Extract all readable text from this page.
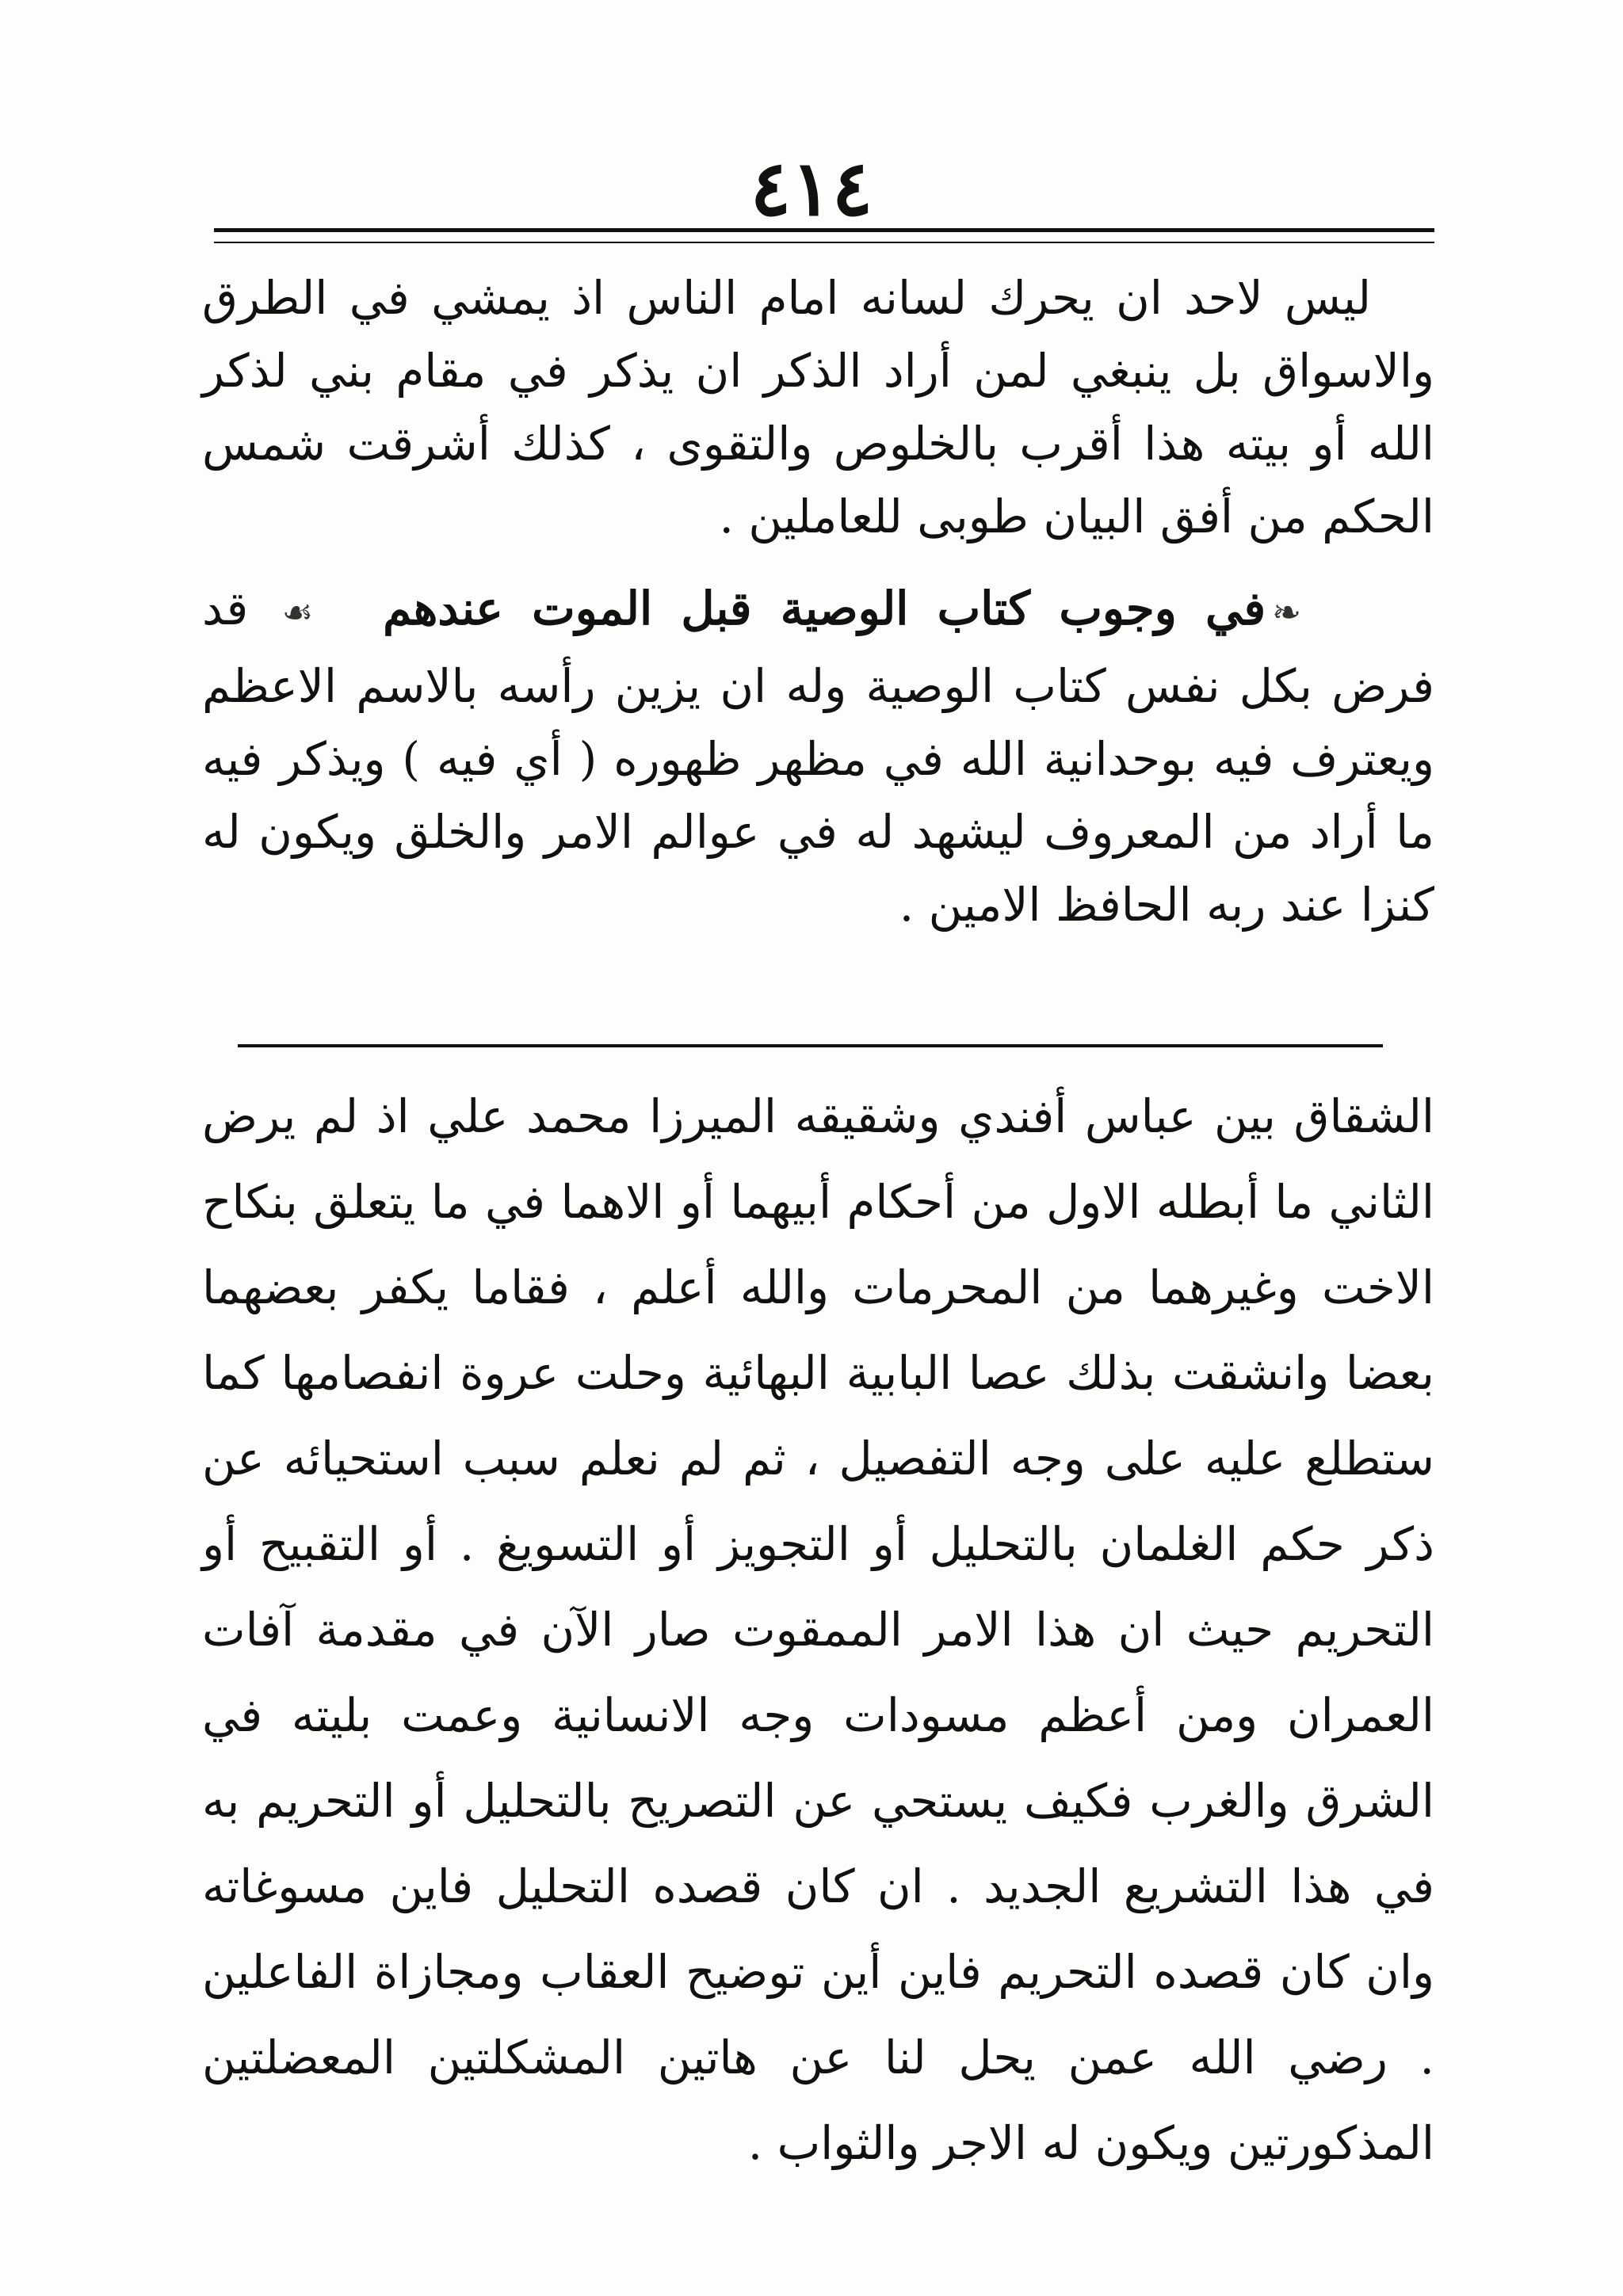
٤١٤

ليس لاحد ان يحرك لسانه امام الناس اذ يمشي في الطرق والاسواق بل ينبغي لمن أراد الذكر ان يذكر في مقام بني لذكر الله أو بيته هذا أقرب بالخلوص والتقوى ، كذلك أشرقت شمس الحكم من أفق البيان طوبى للعاملين .

❧في وجوب كتاب الوصية قبل الموت عندهم☙ قد فرض بكل نفس كتاب الوصية وله ان يزين رأسه بالاسم الاعظم ويعترف فيه بوحدانية الله في مظهر ظهوره ( أي فيه ) ويذكر فيه ما أراد من المعروف ليشهد له في عوالم الامر والخلق ويكون له كنزا عند ربه الحافظ الامين .

الشقاق بين عباس أفندي وشقيقه الميرزا محمد علي اذ لم يرض الثاني ما أبطله الاول من أحكام أبيهما أو الاهما في ما يتعلق بنكاح الاخت وغيرهما من المحرمات والله أعلم ، فقاما يكفر بعضهما بعضا وانشقت بذلك عصا البابية البهائية وحلت عروة انفصامها كما ستطلع عليه على وجه التفصيل ، ثم لم نعلم سبب استحيائه عن ذكر حكم الغلمان بالتحليل أو التجويز أو التسويغ . أو التقبيح أو التحريم حيث ان هذا الامر الممقوت صار الآن في مقدمة آفات العمران ومن أعظم مسودات وجه الانسانية وعمت بليته في الشرق والغرب فكيف يستحي عن التصريح بالتحليل أو التحريم به في هذا التشريع الجديد . ان كان قصده التحليل فاين مسوغاته وان كان قصده التحريم فاين أين توضيح العقاب ومجازاة الفاعلين . رضي الله عمن يحل لنا عن هاتين المشكلتين المعضلتين المذكورتين ويكون له الاجر والثواب .
